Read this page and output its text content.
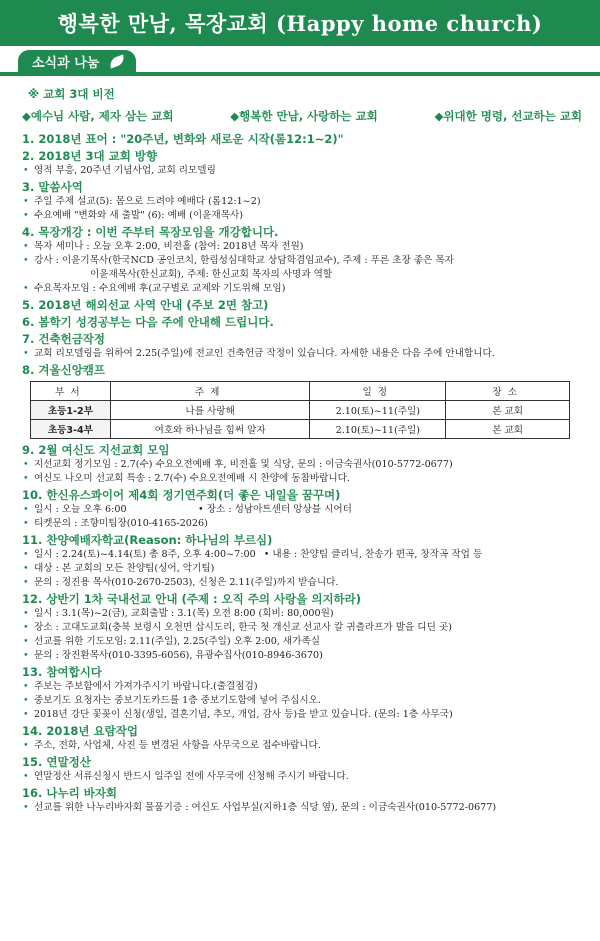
행복한 만남, 목장교회 (Happy home church)
소식과 나눔
※ 교회 3대 비전
◆예수님 사람, 제자 삼는 교회	◆행복한 만남, 사랑하는 교회	◆위대한 명령, 선교하는 교회
1. 2018년 표어 : "20주년, 변화와 새로운 시작(롬12:1~2)"
2. 2018년 3대 교회 방향
• 영적 부흥, 20주년 기념사업, 교회 리모델링
3. 말씀사역
• 주일 주제 설교(5): 몸으로 드려야 예배다 (롬12:1~2)
• 수요예배 "변화와 새 출발" (6): 예배 (이윤재목사)
4. 목장개강 : 이번 주부터 목장모임을 개강합니다.
• 목자 세미나 : 오늘 오후 2:00, 비전홀 (참여: 2018년 목자 전원)
• 강사 : 이윤기목사(한국NCD 공인코치, 한림성심대학교 상담학겸임교수), 주제 : 푸른 초장 좋은 목자
이윤재목사(한신교회), 주제: 한신교회 목자의 사명과 역할
• 수요목자모임 : 수요예배 후(교구별로 교제와 기도위해 모임)
5. 2018년 해외선교 사역 안내 (주보 2면 참고)
6. 봄학기 성경공부는 다음 주에 안내해 드립니다.
7. 건축헌금작정
• 교회 리모델링을 위하여 2.25(주일)에 전교인 건축헌금 작정이 있습니다. 자세한 내용은 다음 주에 안내합니다.
8. 겨울신앙캠프
부서	주제	일정	장소
초등1-2부	나를 사랑해	2.10(토)~11(주일)	본 교회
초등3-4부	여호와 하나님을 힘써 알자	2.10(토)~11(주일)	본 교회
9. 2월 여신도 지선교회 모임
• 지선교회 정기모임 : 2.7(수) 수요오전예배 후, 비전홀 및 식당, 문의 : 이금숙권사(010-5772-0677)
• 여신도 나오미 선교회 특송 : 2.7(수) 수요오전예배 시 찬양에 동참바랍니다.
10. 한신유스콰이어 제4회 정기연주회(더 좋은 내일을 꿈꾸며)
• 일시 : 오늘 오후 6:00	• 장소 : 성남아트센터 앙상블 시어터
• 티켓문의 : 조향미팀장(010-4165-2026)
11. 찬양예배자학교(Reason: 하나님의 부르심)
• 일시 : 2.24(토)~4.14(토) 총 8주, 오후 4:00~7:00 • 내용 : 찬양팀 클리닉, 찬송가 편곡, 창작곡 작업 등
• 대상 : 본 교회의 모든 찬양팀(싱어, 악기팀)
• 문의 : 정진용 목사(010-2670-2503), 신청은 2.11(주일)까지 받습니다.
12. 상반기 1차 국내선교 안내 (주제 : 오직 주의 사랑을 의지하라)
• 일시 : 3.1(목)~2(금), 교회출발 : 3.1(목) 오전 8:00 (회비: 80,000원)
• 장소 : 고대도교회(충북 보령시 오천면 삽시도리, 한국 첫 개신교 선교사 칼 귀츨라프가 발을 디딘 곳)
• 선교를 위한 기도모임: 2.11(주일), 2.25(주일) 오후 2:00, 새가족실
• 문의 : 장진환목사(010-3395-6056), 유광수집사(010-8946-3670)
13. 참여합시다
• 주보는 주보함에서 가져가주시기 바랍니다.(출결점검)
• 중보기도 요청자는 중보기도카드를 1층 중보기도함에 넣어 주십시오.
• 2018년 강단 꽃꽂이 신청(생일, 결혼기념, 추모, 개업, 감사 등)을 받고 있습니다. (문의: 1층 사무국)
14. 2018년 요람작업
• 주소, 전화, 사업체, 사진 등 변경된 사항을 사무국으로 접수바랍니다.
15. 연말정산
• 연말정산 서류신청시 반드시 일주일 전에 사무국에 신청해 주시기 바랍니다.
16. 나누리 바자회
• 선교를 위한 나누리바자회 물품기증 : 여신도 사업부실(지하1층 식당 옆), 문의 : 이금숙권사(010-5772-0677)
